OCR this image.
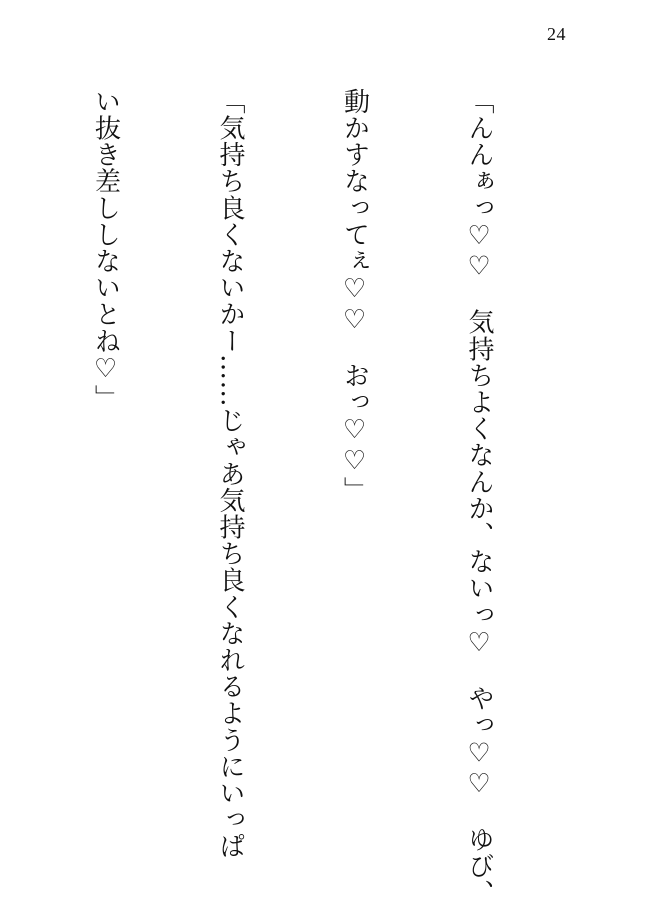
24

「んんぁっ♡♡　気持ちよくなんか、ないっ♡　やっ♡♡　ゆび、

動かすなってぇ♡♡　おっ♡♡」

「気持ち良くないかー……じゃあ気持ち良くなれるようにいっぱ

い抜き差ししないとね♡」
